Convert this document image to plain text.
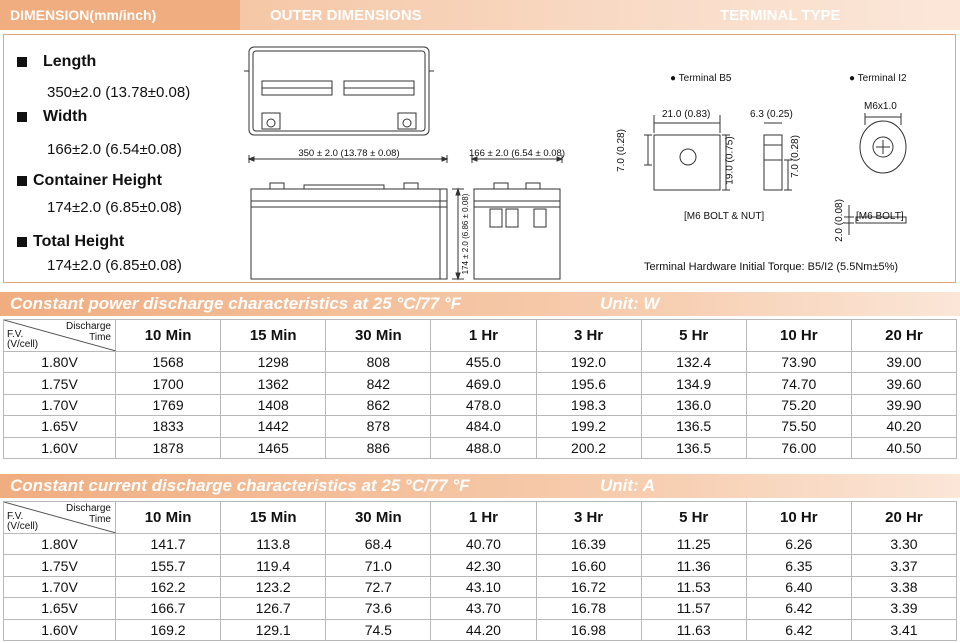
DIMENSION(mm/inch)	OUTER DIMENSIONS	TERMINAL TYPE
Length
350±2.0 (13.78±0.08)
Width
166±2.0 (6.54±0.08)
Container Height
174±2.0 (6.85±0.08)
Total Height
174±2.0 (6.85±0.08)
350 ± 2.0 (13.78 ± 0.08)	166 ± 2.0 (6.54 ± 0.08)
174 ± 2.0 (6.86 ± 0.08)
● Terminal B5	● Terminal I2
21.0 (0.83)	6.3 (0.25)
7.0 (0.28)	19.0 (0.75)	7.0 (0.28)
M6x1.0
2.0 (0.08)
[M6 BOLT & NUT]	[M6 BOLT]
Terminal Hardware Initial Torque: B5/I2 (5.5Nm±5%)
Constant power discharge characteristics at 25 °C/77 °F	Unit: W
Discharge
Time
F.V.
(V/cell)	10 Min	15 Min	30 Min	1 Hr	3 Hr	5 Hr	10 Hr	20 Hr
1.80V	1568	1298	808	455.0	192.0	132.4	73.90	39.00
1.75V	1700	1362	842	469.0	195.6	134.9	74.70	39.60
1.70V	1769	1408	862	478.0	198.3	136.0	75.20	39.90
1.65V	1833	1442	878	484.0	199.2	136.5	75.50	40.20
1.60V	1878	1465	886	488.0	200.2	136.5	76.00	40.50
Constant current discharge characteristics at 25 °C/77 °F	Unit: A
Discharge
Time
F.V.
(V/cell)	10 Min	15 Min	30 Min	1 Hr	3 Hr	5 Hr	10 Hr	20 Hr
1.80V	141.7	113.8	68.4	40.70	16.39	11.25	6.26	3.30
1.75V	155.7	119.4	71.0	42.30	16.60	11.36	6.35	3.37
1.70V	162.2	123.2	72.7	43.10	16.72	11.53	6.40	3.38
1.65V	166.7	126.7	73.6	43.70	16.78	11.57	6.42	3.39
1.60V	169.2	129.1	74.5	44.20	16.98	11.63	6.42	3.41
